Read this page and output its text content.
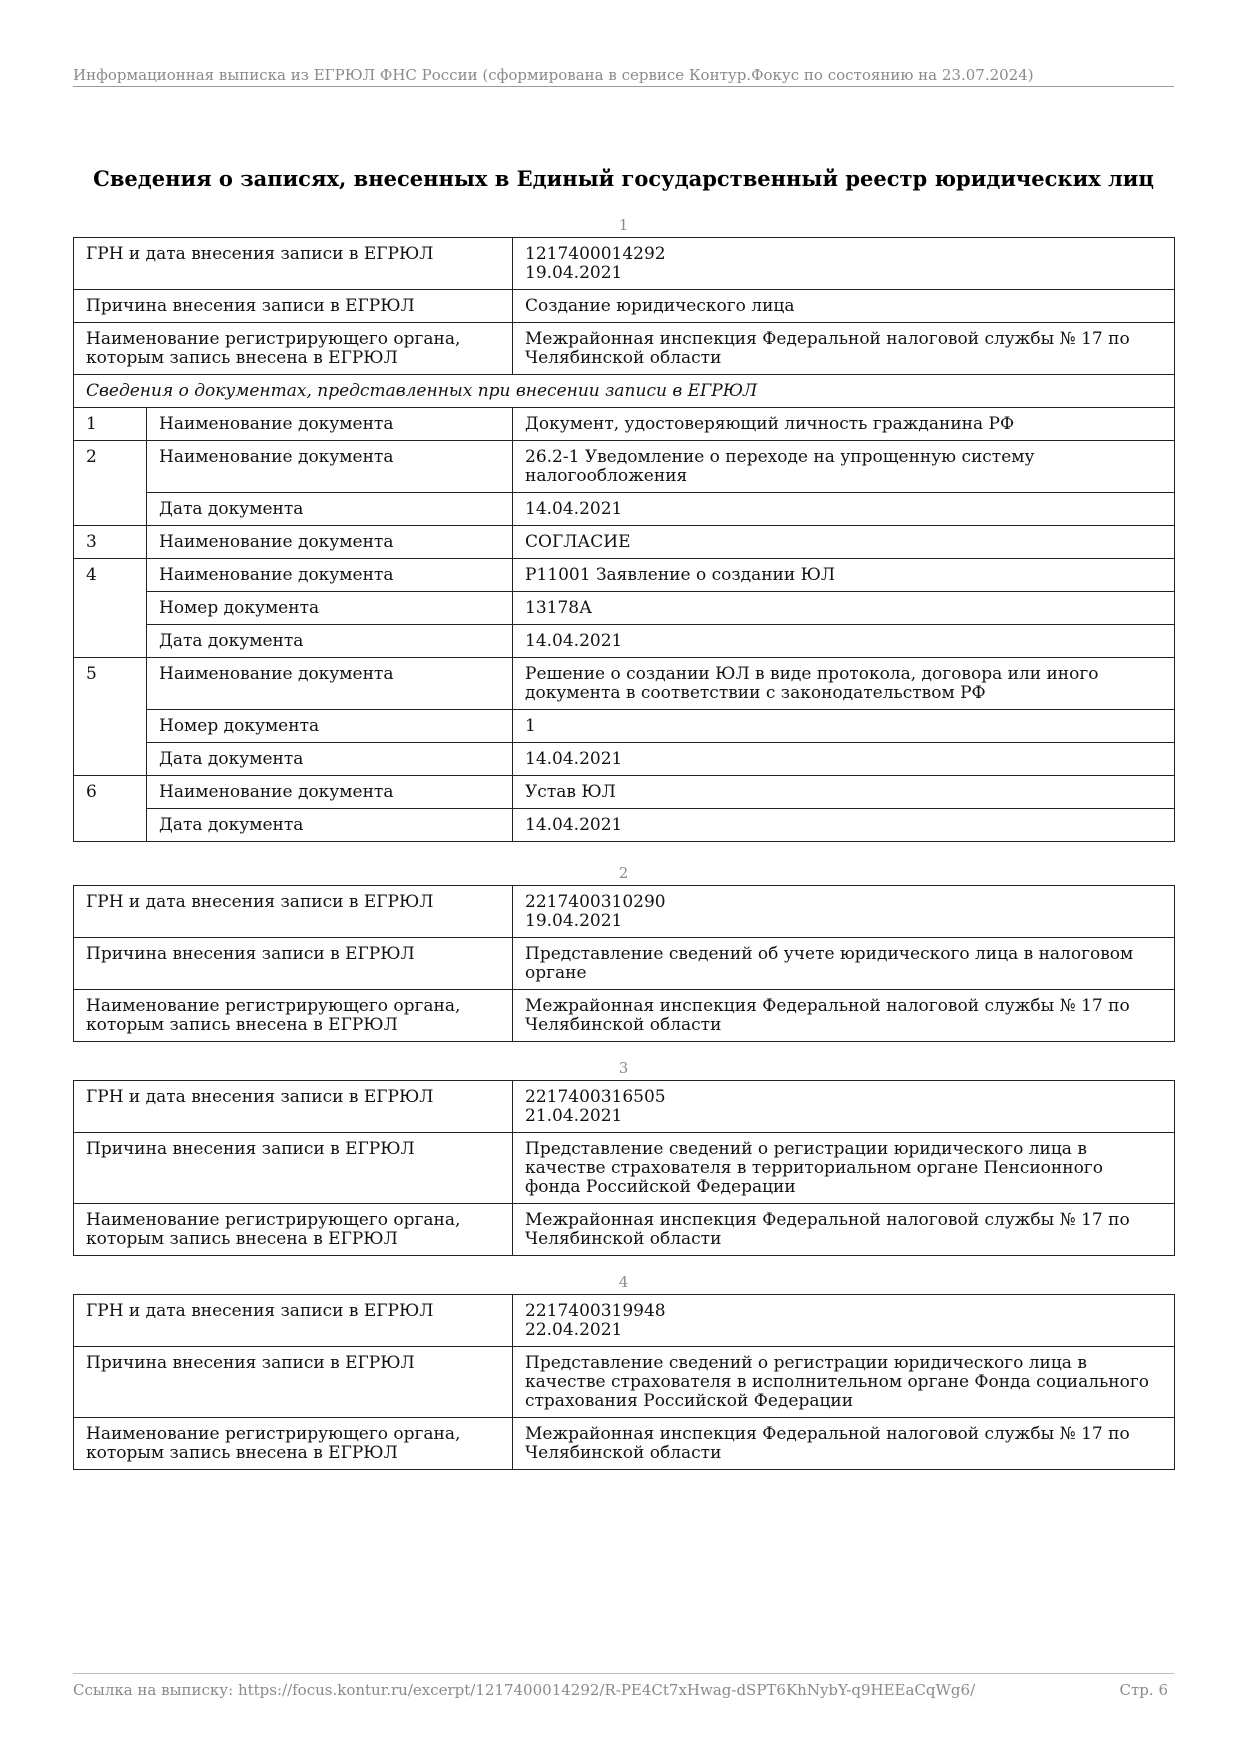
Информационная выписка из ЕГРЮЛ ФНС России (сформирована в сервисе Контур.Фокус по состоянию на 23.07.2024)
Сведения о записях, внесенных в Единый государственный реестр юридических лиц
1
ГРН и дата внесения записи в ЕГРЮЛ		1217400014292
19.04.2021
Причина внесения записи в ЕГРЮЛ		Создание юридического лица
Наименование регистрирующего органа, которым запись внесена в ЕГРЮЛ		Межрайонная инспекция Федеральной налоговой службы № 17 по Челябинской области
Сведения о документах, представленных при внесении записи в ЕГРЮЛ		
1	Наименование документа	Документ, удостоверяющий личность гражданина РФ
2	Наименование документа	26.2-1 Уведомление о переходе на упрощенную систему налогообложения
	Дата документа	14.04.2021
3	Наименование документа	СОГЛАСИЕ
4	Наименование документа	Р11001 Заявление о создании ЮЛ
	Номер документа	13178А
	Дата документа	14.04.2021
5	Наименование документа	Решение о создании ЮЛ в виде протокола, договора или иного документа в соответствии с законодательством РФ
	Номер документа	1
	Дата документа	14.04.2021
6	Наименование документа	Устав ЮЛ
	Дата документа	14.04.2021
2
ГРН и дата внесения записи в ЕГРЮЛ	2217400310290
19.04.2021
Причина внесения записи в ЕГРЮЛ	Представление сведений об учете юридического лица в налоговом органе
Наименование регистрирующего органа, которым запись внесена в ЕГРЮЛ	Межрайонная инспекция Федеральной налоговой службы № 17 по Челябинской области
3
ГРН и дата внесения записи в ЕГРЮЛ	2217400316505
21.04.2021
Причина внесения записи в ЕГРЮЛ	Представление сведений о регистрации юридического лица в качестве страхователя в территориальном органе Пенсионного фонда Российской Федерации
Наименование регистрирующего органа, которым запись внесена в ЕГРЮЛ	Межрайонная инспекция Федеральной налоговой службы № 17 по Челябинской области
4
ГРН и дата внесения записи в ЕГРЮЛ	2217400319948
22.04.2021
Причина внесения записи в ЕГРЮЛ	Представление сведений о регистрации юридического лица в качестве страхователя в исполнительном органе Фонда социального страхования Российской Федерации
Наименование регистрирующего органа, которым запись внесена в ЕГРЮЛ	Межрайонная инспекция Федеральной налоговой службы № 17 по Челябинской области
Ссылка на выписку: https://focus.kontur.ru/excerpt/1217400014292/R-PE4Ct7xHwag-dSPT6KhNybY-q9HEEaCqWg6/	Стр. 6
